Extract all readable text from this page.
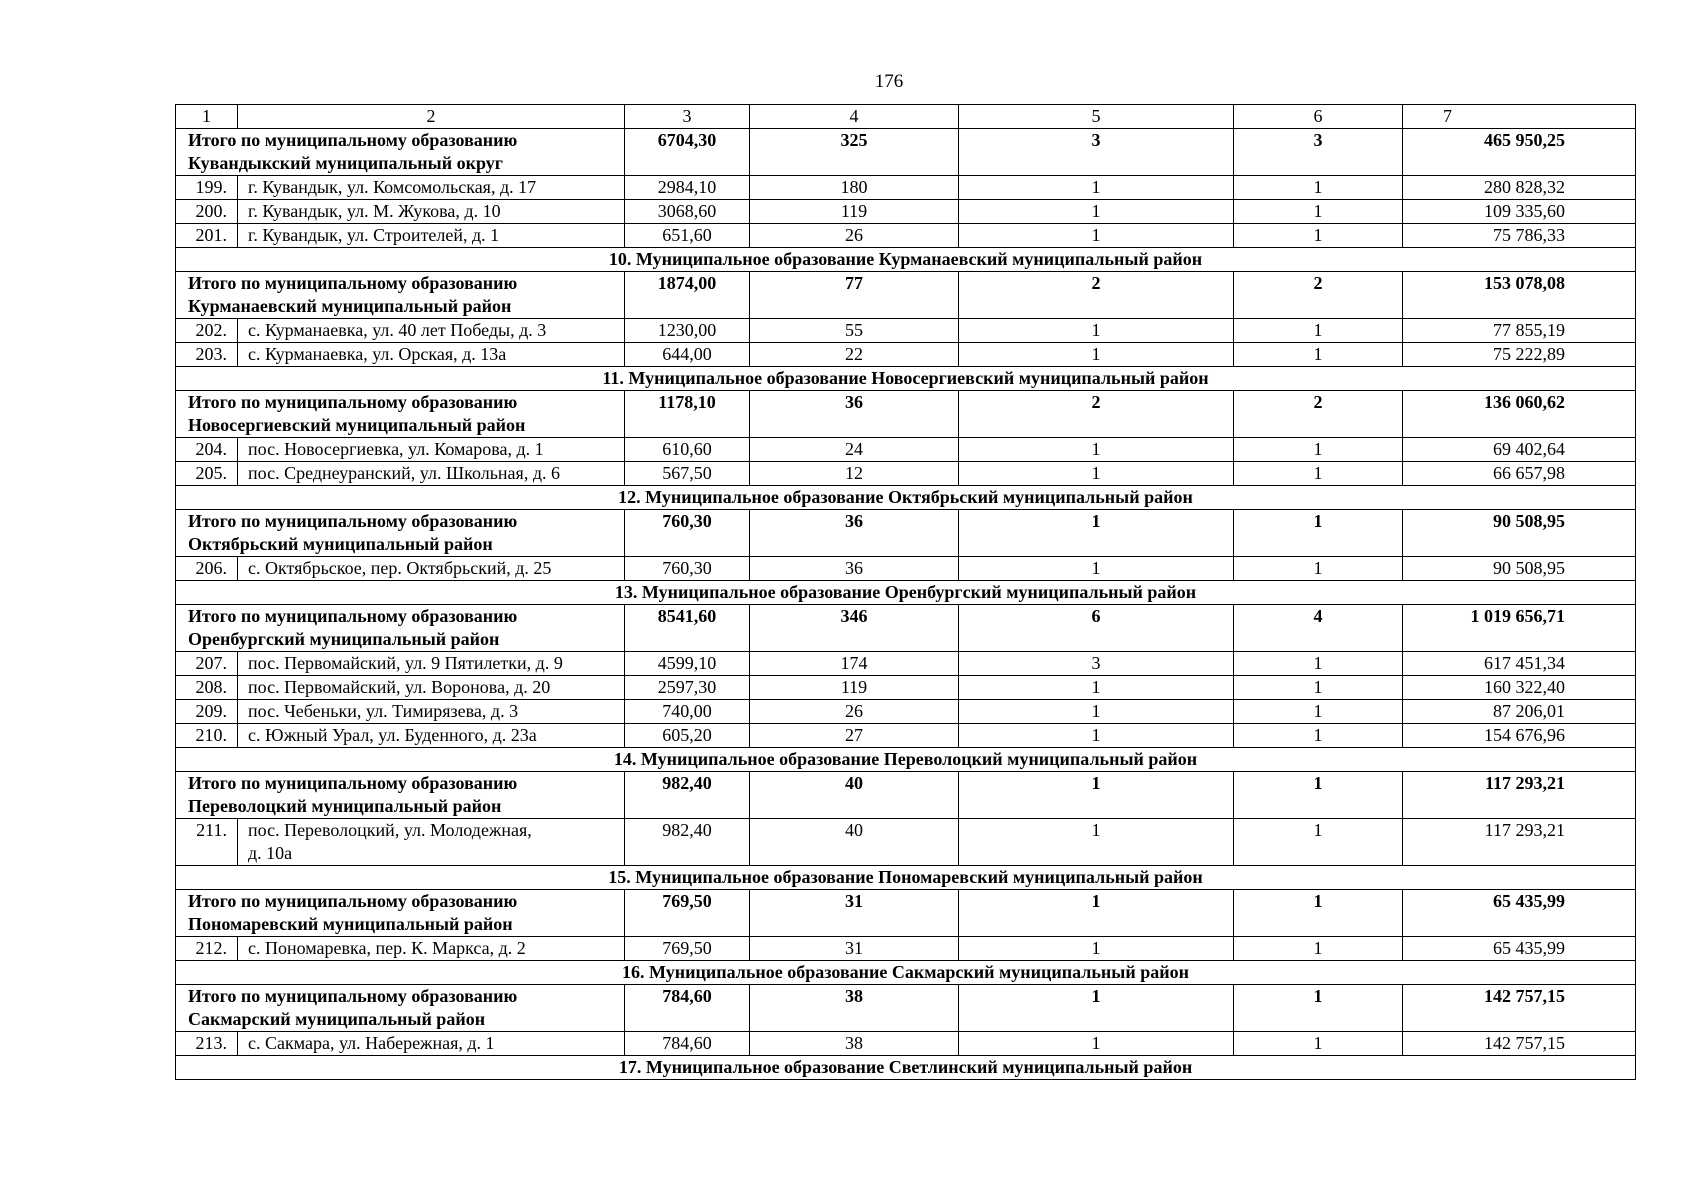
176
1	2	3	4	5	6	7

Итого по муниципальному образованию
Кувандыкский муниципальный округ		6704,30	325	3	3	465 950,25
199.	г. Кувандык, ул. Комсомольская, д. 17	2984,10	180	1	1	280 828,32
200.	г. Кувандык, ул. М. Жукова, д. 10	3068,60	119	1	1	109 335,60
201.	г. Кувандык, ул. Строителей, д. 1	651,60	26	1	1	75 786,33
10. Муниципальное образование Курманаевский муниципальный район						

Итого по муниципальному образованию
Курманаевский муниципальный район		1874,00	77	2	2	153 078,08
202.	с. Курманаевка, ул. 40 лет Победы, д. 3	1230,00	55	1	1	77 855,19
203.	с. Курманаевка, ул. Орская, д. 13а	644,00	22	1	1	75 222,89
11. Муниципальное образование Новосергиевский муниципальный район						

Итого по муниципальному образованию
Новосергиевский муниципальный район		1178,10	36	2	2	136 060,62
204.	пос. Новосергиевка, ул. Комарова, д. 1	610,60	24	1	1	69 402,64
205.	пос. Среднеуранский, ул. Школьная, д. 6	567,50	12	1	1	66 657,98
12. Муниципальное образование Октябрьский муниципальный район						

Итого по муниципальному образованию
Октябрьский муниципальный район		760,30	36	1	1	90 508,95
206.	с. Октябрьское, пер. Октябрьский, д. 25	760,30	36	1	1	90 508,95
13. Муниципальное образование Оренбургский муниципальный район						

Итого по муниципальному образованию
Оренбургский муниципальный район		8541,60	346	6	4	1 019 656,71
207.	пос. Первомайский, ул. 9 Пятилетки, д. 9	4599,10	174	3	1	617 451,34
208.	пос. Первомайский, ул. Воронова, д. 20	2597,30	119	1	1	160 322,40
209.	пос. Чебеньки, ул. Тимирязева, д. 3	740,00	26	1	1	87 206,01
210.	с. Южный Урал, ул. Буденного, д. 23а	605,20	27	1	1	154 676,96
14. Муниципальное образование Переволоцкий муниципальный район						

Итого по муниципальному образованию
Переволоцкий муниципальный район		982,40	40	1	1	117 293,21
211.	пос. Переволоцкий, ул. Молодежная,
д. 10а	982,40	40	1	1	117 293,21
15. Муниципальное образование Пономаревский муниципальный район						

Итого по муниципальному образованию
Пономаревский муниципальный район		769,50	31	1	1	65 435,99
212.	с. Пономаревка, пер. К. Маркса, д. 2	769,50	31	1	1	65 435,99
16. Муниципальное образование Сакмарский муниципальный район						

Итого по муниципальному образованию
Сакмарский муниципальный район		784,60	38	1	1	142 757,15
213.	с. Сакмара, ул. Набережная, д. 1	784,60	38	1	1	142 757,15
17. Муниципальное образование Светлинский муниципальный район						
